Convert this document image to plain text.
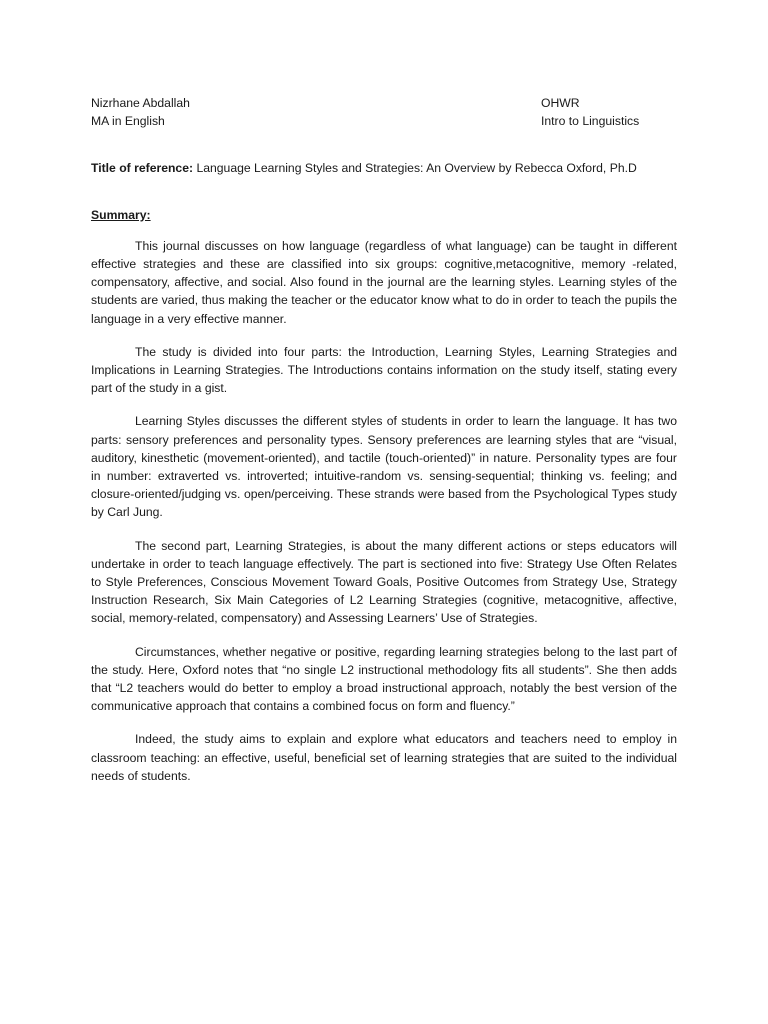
Nizrhane Abdallah
MA in English
OHWR
Intro to Linguistics
Title of reference: Language Learning Styles and Strategies: An Overview by Rebecca Oxford, Ph.D
Summary:

This journal discusses on how language (regardless of what language) can be taught in different effective strategies and these are classified into six groups: cognitive,metacognitive, memory -related, compensatory, affective, and social. Also found in the journal are the learning styles. Learning styles of the students are varied, thus making the teacher or the educator know what to do in order to teach the pupils the language in a very effective manner.

The study is divided into four parts: the Introduction, Learning Styles, Learning Strategies and Implications in Learning Strategies. The Introductions contains information on the study itself, stating every part of the study in a gist.

Learning Styles discusses the different styles of students in order to learn the language. It has two parts: sensory preferences and personality types. Sensory preferences are learning styles that are “visual, auditory, kinesthetic (movement-oriented), and tactile (touch-oriented)” in nature. Personality types are four in number: extraverted vs. introverted; intuitive-random vs. sensing-sequential; thinking vs. feeling; and closure-oriented/judging vs. open/perceiving. These strands were based from the Psychological Types study by Carl Jung.

The second part, Learning Strategies, is about the many different actions or steps educators will undertake in order to teach language effectively. The part is sectioned into five: Strategy Use Often Relates to Style Preferences, Conscious Movement Toward Goals, Positive Outcomes from Strategy Use, Strategy Instruction Research, Six Main Categories of L2 Learning Strategies (cognitive, metacognitive, affective, social, memory-related, compensatory) and Assessing Learners’ Use of Strategies.

Circumstances, whether negative or positive, regarding learning strategies belong to the last part of the study. Here, Oxford notes that “no single L2 instructional methodology fits all students”. She then adds that “L2 teachers would do better to employ a broad instructional approach, notably the best version of the communicative approach that contains a combined focus on form and fluency.”

Indeed, the study aims to explain and explore what educators and teachers need to employ in classroom teaching: an effective, useful, beneficial set of learning strategies that are suited to the individual needs of students.
